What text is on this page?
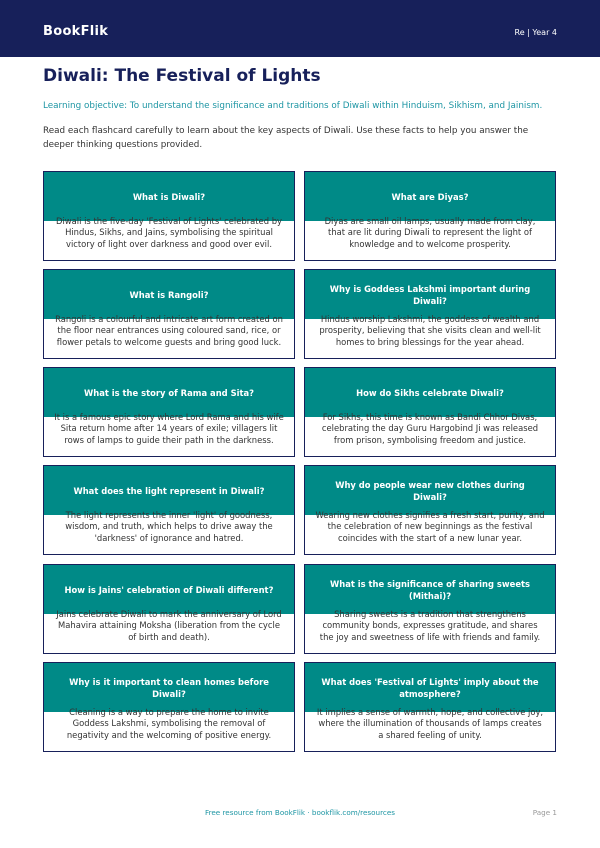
BookFlik	Re | Year 4
Diwali: The Festival of Lights

Learning objective: To understand the significance and traditions of Diwali within Hinduism, Sikhism, and Jainism.

Read each flashcard carefully to learn about the key aspects of Diwali. Use these facts to help you answer the deeper thinking questions provided.

What is Diwali?
Diwali is the five-day 'Festival of Lights' celebrated by Hindus, Sikhs, and Jains, symbolising the spiritual victory of light over darkness and good over evil.
What are Diyas?
Diyas are small oil lamps, usually made from clay, that are lit during Diwali to represent the light of knowledge and to welcome prosperity.
What is Rangoli?
Rangoli is a colourful and intricate art form created on the floor near entrances using coloured sand, rice, or flower petals to welcome guests and bring good luck.
Why is Goddess Lakshmi important during Diwali?
Hindus worship Lakshmi, the goddess of wealth and prosperity, believing that she visits clean and well-lit homes to bring blessings for the year ahead.
What is the story of Rama and Sita?
It is a famous epic story where Lord Rama and his wife Sita return home after 14 years of exile; villagers lit rows of lamps to guide their path in the darkness.
How do Sikhs celebrate Diwali?
For Sikhs, this time is known as Bandi Chhor Divas, celebrating the day Guru Hargobind Ji was released from prison, symbolising freedom and justice.
What does the light represent in Diwali?
The light represents the inner 'light' of goodness, wisdom, and truth, which helps to drive away the 'darkness' of ignorance and hatred.
Why do people wear new clothes during Diwali?
Wearing new clothes signifies a fresh start, purity, and the celebration of new beginnings as the festival coincides with the start of a new lunar year.
How is Jains' celebration of Diwali different?
Jains celebrate Diwali to mark the anniversary of Lord Mahavira attaining Moksha (liberation from the cycle of birth and death).
What is the significance of sharing sweets (Mithai)?
Sharing sweets is a tradition that strengthens community bonds, expresses gratitude, and shares the joy and sweetness of life with friends and family.
Why is it important to clean homes before Diwali?
Cleaning is a way to prepare the home to invite Goddess Lakshmi, symbolising the removal of negativity and the welcoming of positive energy.
What does 'Festival of Lights' imply about the atmosphere?
It implies a sense of warmth, hope, and collective joy, where the illumination of thousands of lamps creates a shared feeling of unity.
Free resource from BookFlik · bookflik.com/resources	Page 1
